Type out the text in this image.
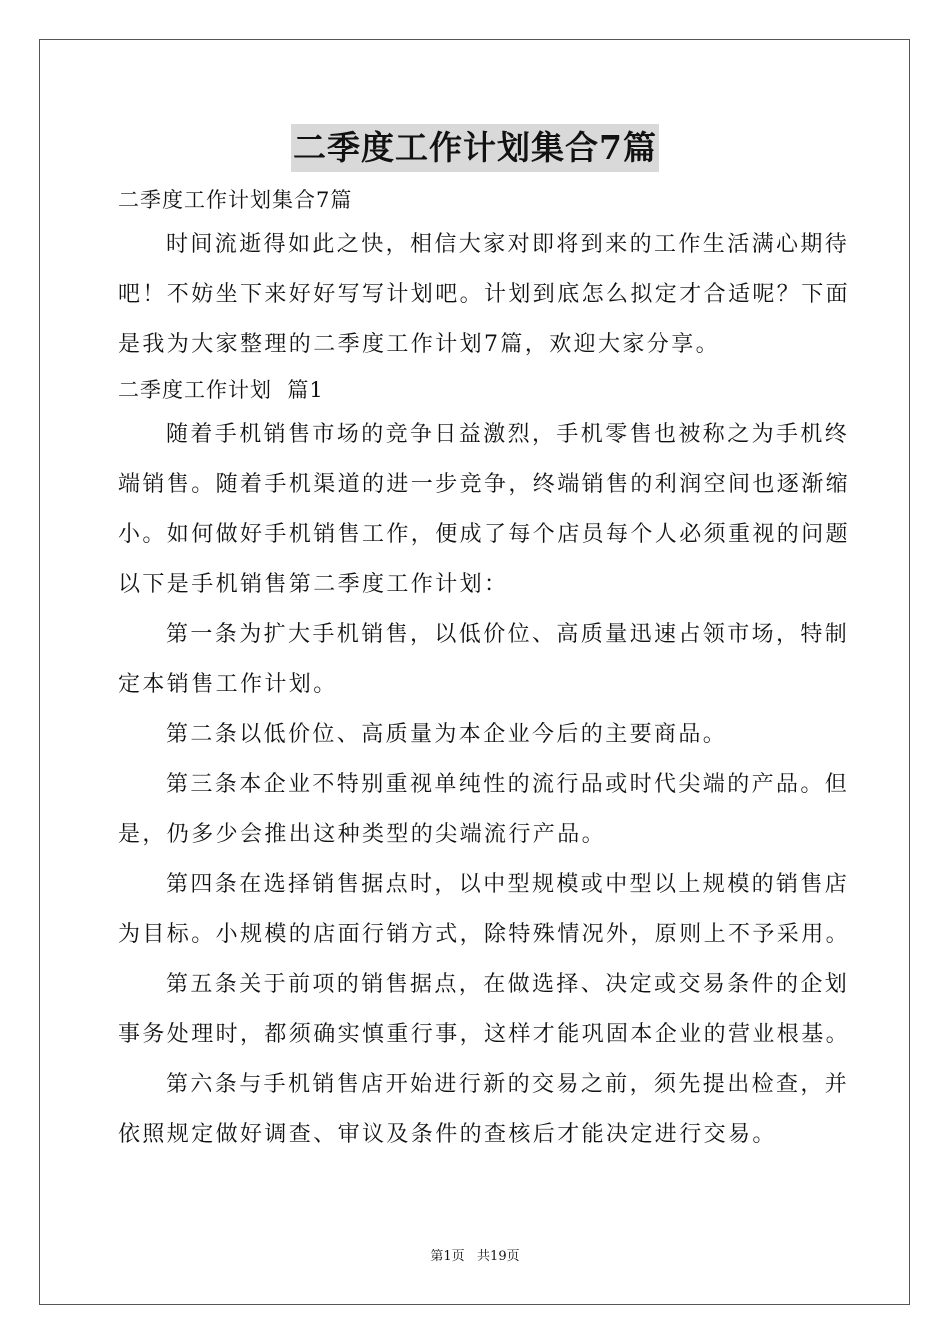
二季度工作计划集合7篇
二季度工作计划集合7篇
时间流逝得如此之快，相信大家对即将到来的工作生活满心期待
吧！不妨坐下来好好写写计划吧。计划到底怎么拟定才合适呢？下面
是我为大家整理的二季度工作计划7篇，欢迎大家分享。
二季度工作计划  篇1
随着手机销售市场的竞争日益激烈，手机零售也被称之为手机终
端销售。随着手机渠道的进一步竞争，终端销售的利润空间也逐渐缩
小。如何做好手机销售工作，便成了每个店员每个人必须重视的问题
以下是手机销售第二季度工作计划：
第一条为扩大手机销售，以低价位、高质量迅速占领市场，特制
定本销售工作计划。
第二条以低价位、高质量为本企业今后的主要商品。
第三条本企业不特别重视单纯性的流行品或时代尖端的产品。但
是，仍多少会推出这种类型的尖端流行产品。
第四条在选择销售据点时，以中型规模或中型以上规模的销售店
为目标。小规模的店面行销方式，除特殊情况外，原则上不予采用。
第五条关于前项的销售据点，在做选择、决定或交易条件的企划
事务处理时，都须确实慎重行事，这样才能巩固本企业的营业根基。
第六条与手机销售店开始进行新的交易之前，须先提出检查，并
依照规定做好调查、审议及条件的查核后才能决定进行交易。
第1页   共19页
